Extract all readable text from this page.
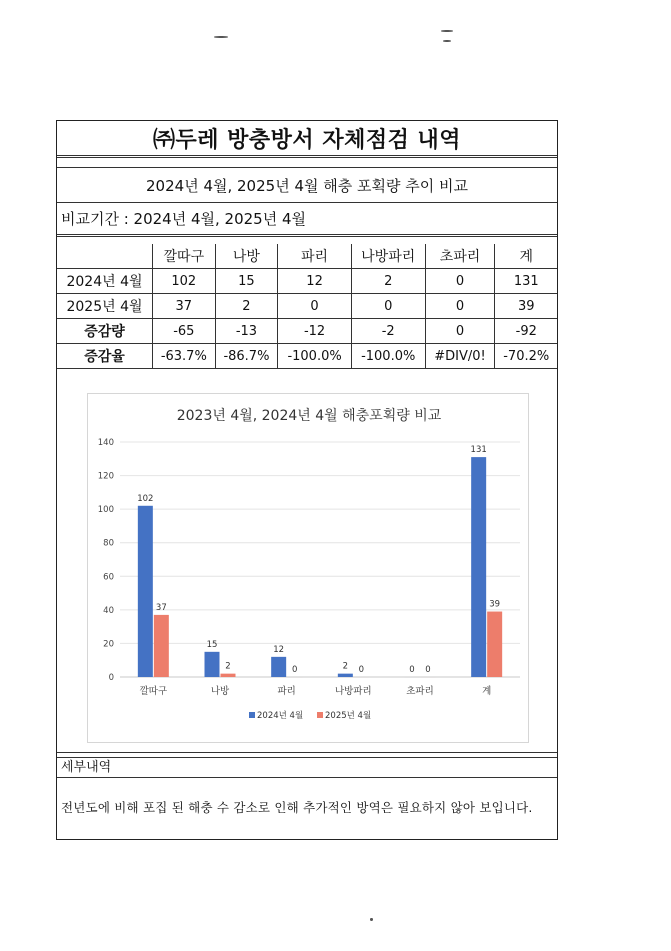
㈜두레 방충방서 자체점검 내역
2024년 4월, 2025년 4월 해충 포획량 추이 비교
비교기간 : 2024년 4월, 2025년 4월
	깔따구	나방	파리	나방파리	초파리	계
2024년 4월	102	15	12	2	0	131
2025년 4월	37	2	0	0	0	39
증감량	-65	-13	-12	-2	0	-92
증감율	-63.7%	-86.7%	-100.0%	-100.0%	#DIV/0!	-70.2%
2023년 4월, 2024년 4월 해충포획량 비교
0
20
40
60
80
100
120
140
102
37
깔따구
15
2
나방
12
0
파리
2 0
나방파리
0 0
초파리
131
39
계
2024년 4월	2025년 4월
세부내역
전년도에 비해 포집 된 해충 수 감소로 인해 추가적인 방역은 필요하지 않아 보입니다.
